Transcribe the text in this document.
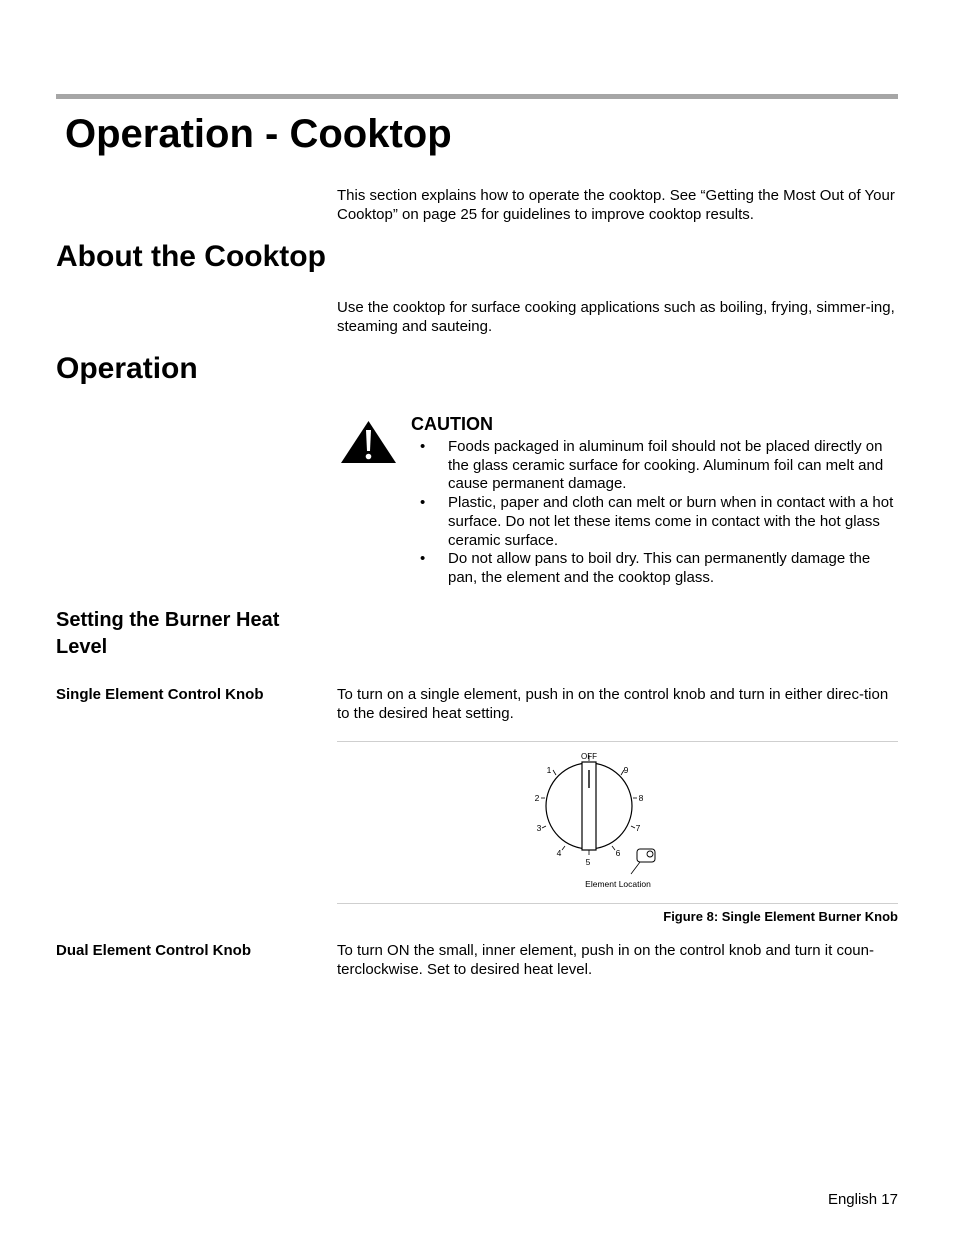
Operation - Cooktop

This section explains how to operate the cooktop. See “Getting the Most Out of Your Cooktop” on page 25 for guidelines to improve cooktop results.

About the Cooktop

Use the cooktop for surface cooking applications such as boiling, frying, simmer-ing, steaming and sauteing.

Operation
CAUTION
• Foods packaged in aluminum foil should not be placed directly on the glass ceramic surface for cooking. Aluminum foil can melt and cause permanent damage.
• Plastic, paper and cloth can melt or burn when in contact with a hot surface. Do not let these items come in contact with the hot glass ceramic surface.
• Do not allow pans to boil dry. This can permanently damage the pan, the element and the cooktop glass.
Setting the Burner Heat Level
Single Element Control Knob	To turn on a single element, push in on the control knob and turn in either direc-tion to the desired heat setting.

OFF
1
2
3
4
5
6
7
8
9
Element Location
Figure 8: Single Element Burner Knob
Dual Element Control Knob	To turn ON the small, inner element, push in on the control knob and turn it coun-terclockwise. Set to desired heat level.

English 17
